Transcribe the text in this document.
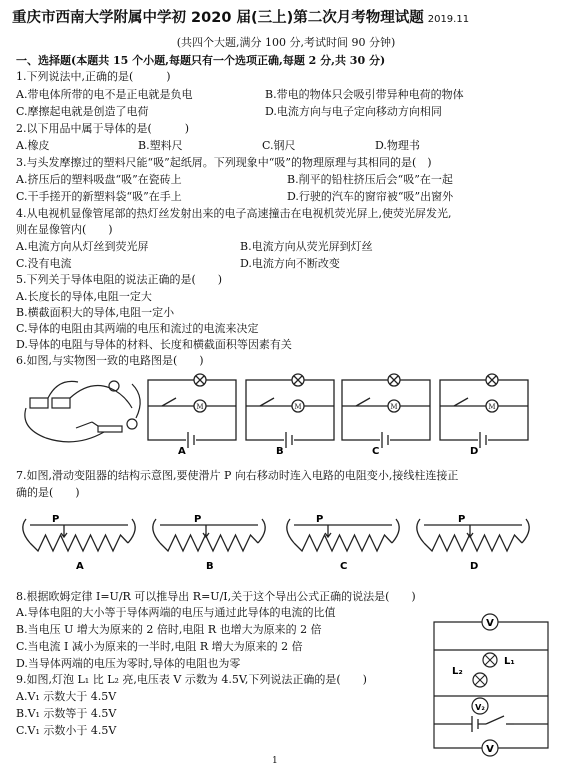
重庆市西南大学附属中学初 2020 届(三上)第二次月考物理试题 2019.11
(共四个大题,满分 100 分,考试时间 90 分钟)
一、选择题(本题共 15 个小题,每题只有一个选项正确,每题 2 分,共 30 分)
1.下列说法中,正确的是(　　　)
A.带电体所带的电不是正电就是负电	B.带电的物体只会吸引带异种电荷的物体
C.摩擦起电就是创造了电荷	D.电流方向与电子定向移动方向相同
2.以下用品中属于导体的是(　　　)
A.橡皮	B.塑料尺	C.钢尺	D.物理书
3.与头发摩擦过的塑料尺能“吸”起纸屑。下列现象中“吸”的物理原理与其相同的是(　)
A.挤压后的塑料吸盘“吸”在瓷砖上	B.削平的铅柱挤压后会“吸”在一起
C.干手搓开的新塑料袋“吸”在手上	D.行驶的汽车的窗帘被“吸”出窗外
4.从电视机显像管尾部的热灯丝发射出来的电子高速撞击在电视机荧光屏上,使荧光屏发光,
则在显像管内(　　)
A.电流方向从灯丝到荧光屏	B.电流方向从荧光屏到灯丝
C.没有电流	D.电流方向不断改变
5.下列关于导体电阻的说法正确的是(　　)
A.长度长的导体,电阻一定大
B.横截面积大的导体,电阻一定小
C.导体的电阻由其两端的电压和流过的电流来决定
D.导体的电阻与导体的材料、长度和横截面积等因素有关
6.如图,与实物图一致的电路图是(　　)
M	M	M	M
A	B	C	D
7.如图,滑动变阻器的结构示意图,要使滑片 P 向右移动时连入电路的电阻变小,接线柱连接正
确的是(　　)
P
A
P
B
P
C
P
D
8.根据欧姆定律 I=U/R 可以推导出 R=U/I,关于这个导出公式正确的说法是(　　)
A.导体电阻的大小等于导体两端的电压与通过此导体的电流的比值
B.当电压 U 增大为原来的 2 倍时,电阻 R 也增大为原来的 2 倍
C.当电流 I 减小为原来的一半时,电阻 R 增大为原来的 2 倍
D.当导体两端的电压为零时,导体的电阻也为零
9.如图,灯泡 L₁ 比 L₂ 亮,电压表 V 示数为 4.5V,下列说法正确的是(　　)
A.V₁ 示数大于 4.5V
B.V₁ 示数等于 4.5V
C.V₁ 示数小于 4.5V
V
L₁
L₂
V₂
V
1
